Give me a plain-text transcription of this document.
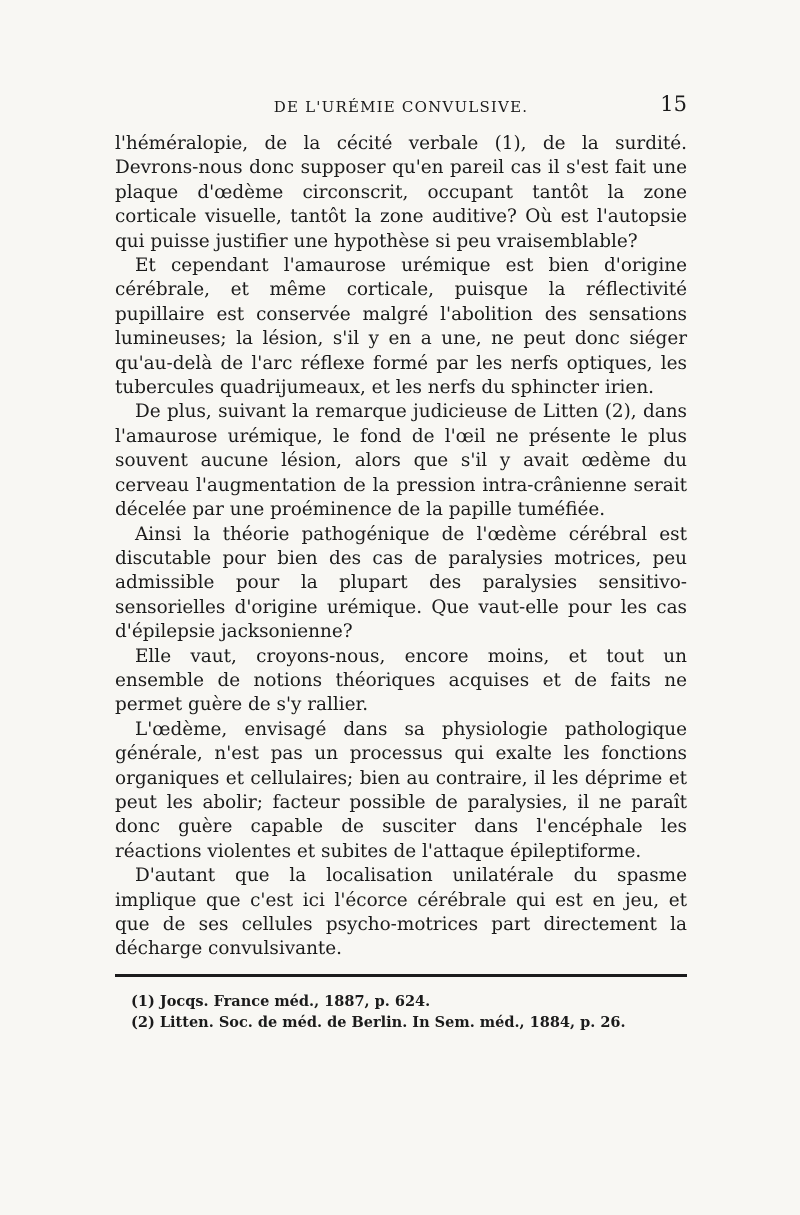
DE L'URÉMIE CONVULSIVE.	15

l'héméralopie, de la cécité verbale (1), de la surdité. Devrons-nous donc supposer qu'en pareil cas il s'est fait une plaque d'œdème circonscrit, occupant tantôt la zone corticale visuelle, tantôt la zone auditive? Où est l'autopsie qui puisse justifier une hypothèse si peu vraisemblable?

Et cependant l'amaurose urémique est bien d'origine cérébrale, et même corticale, puisque la réflectivité pupillaire est conservée malgré l'abolition des sensations lumineuses; la lésion, s'il y en a une, ne peut donc siéger qu'au-delà de l'arc réflexe formé par les nerfs optiques, les tubercules quadrijumeaux, et les nerfs du sphincter irien.

De plus, suivant la remarque judicieuse de Litten (2), dans l'amaurose urémique, le fond de l'œil ne présente le plus souvent aucune lésion, alors que s'il y avait œdème du cerveau l'augmentation de la pression intra-crânienne serait décelée par une proéminence de la papille tuméfiée.

Ainsi la théorie pathogénique de l'œdème cérébral est discutable pour bien des cas de paralysies motrices, peu admissible pour la plupart des paralysies sensitivo-sensorielles d'origine urémique. Que vaut-elle pour les cas d'épilepsie jacksonienne?

Elle vaut, croyons-nous, encore moins, et tout un ensemble de notions théoriques acquises et de faits ne permet guère de s'y rallier.

L'œdème, envisagé dans sa physiologie pathologique générale, n'est pas un processus qui exalte les fonctions organiques et cellulaires; bien au contraire, il les déprime et peut les abolir; facteur possible de paralysies, il ne paraît donc guère capable de susciter dans l'encéphale les réactions violentes et subites de l'attaque épileptiforme.

D'autant que la localisation unilatérale du spasme implique que c'est ici l'écorce cérébrale qui est en jeu, et que de ses cellules psycho-motrices part directement la décharge convulsivante.

(1) Jocqs. France méd., 1887, p. 624.
(2) Litten. Soc. de méd. de Berlin. In Sem. méd., 1884, p. 26.
